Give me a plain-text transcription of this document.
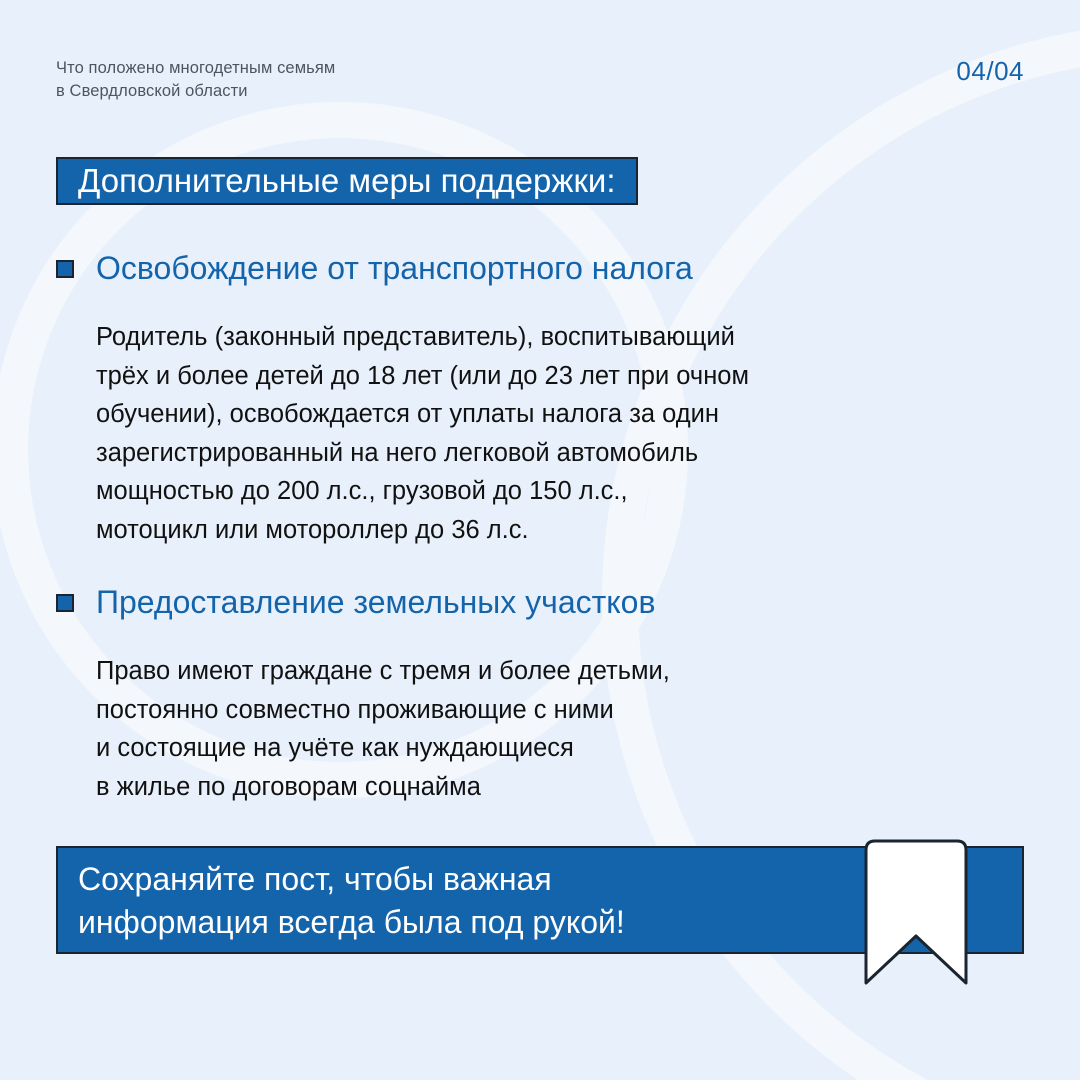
Что положено многодетным семьям
в Свердловской области
04/04
Дополнительные меры поддержки:
Освобождение от транспортного налога

Родитель (законный представитель), воспитывающий
трёх и более детей до 18 лет (или до 23 лет при очном
обучении), освобождается от уплаты налога за один
зарегистрированный на него легковой автомобиль
мощностью до 200 л.с., грузовой до 150 л.с.,
мотоцикл или мотороллер до 36 л.с.

Предоставление земельных участков

Право имеют граждане с тремя и более детьми,
постоянно совместно проживающие с ними
и состоящие на учёте как нуждающиеся
в жилье по договорам соцнайма

Сохраняйте пост, чтобы важная
информация всегда была под рукой!
